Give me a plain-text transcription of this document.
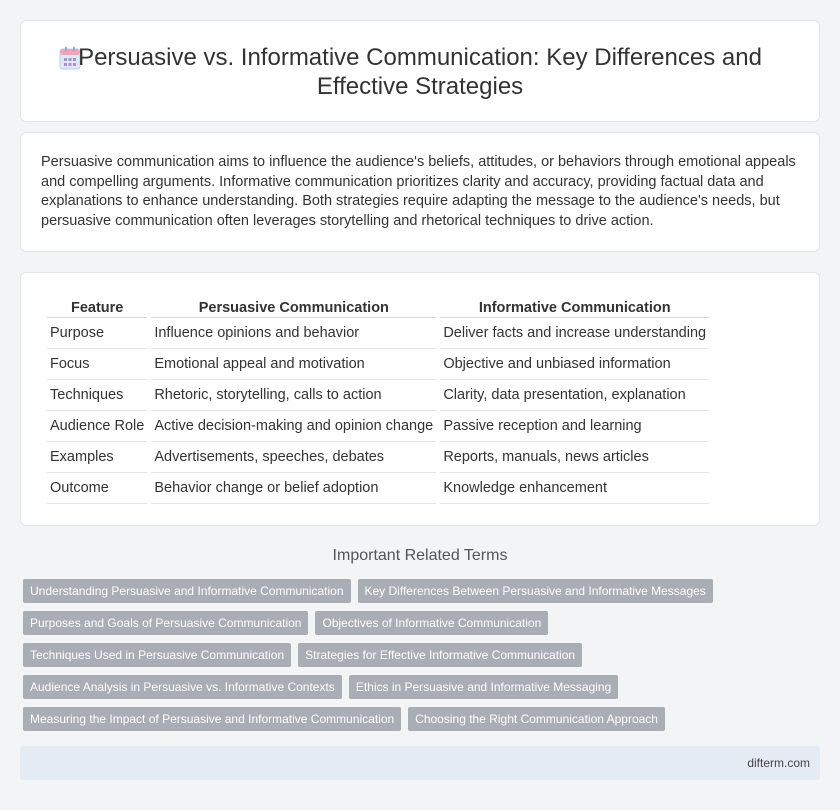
Persuasive vs. Informative Communication: Key Differences and
Effective Strategies

Persuasive communication aims to influence the audience's beliefs, attitudes, or behaviors through emotional appeals and compelling arguments. Informative communication prioritizes clarity and accuracy, providing factual data and explanations to enhance understanding. Both strategies require adapting the message to the audience's needs, but persuasive communication often leverages storytelling and rhetorical techniques to drive action.

Feature	Persuasive Communication	Informative Communication
Purpose	Influence opinions and behavior	Deliver facts and increase understanding
Focus	Emotional appeal and motivation	Objective and unbiased information
Techniques	Rhetoric, storytelling, calls to action	Clarity, data presentation, explanation
Audience Role	Active decision-making and opinion change	Passive reception and learning
Examples	Advertisements, speeches, debates	Reports, manuals, news articles
Outcome	Behavior change or belief adoption	Knowledge enhancement
Important Related Terms
Understanding Persuasive and Informative Communication	Key Differences Between Persuasive and Informative Messages
Purposes and Goals of Persuasive Communication	Objectives of Informative Communication
Techniques Used in Persuasive Communication	Strategies for Effective Informative Communication
Audience Analysis in Persuasive vs. Informative Contexts	Ethics in Persuasive and Informative Messaging
Measuring the Impact of Persuasive and Informative Communication	Choosing the Right Communication Approach
difterm.com
